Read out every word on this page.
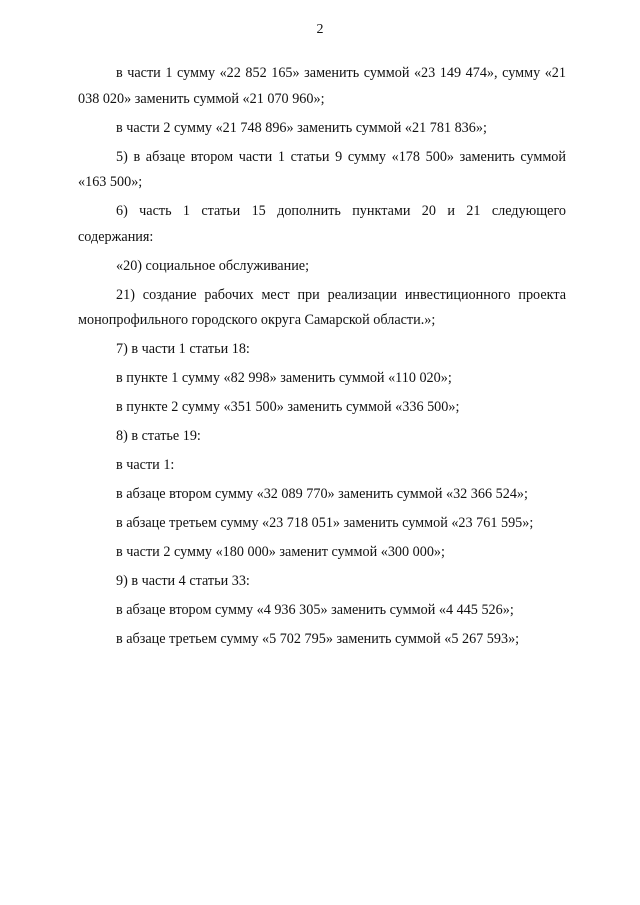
2

в части 1 сумму «22 852 165» заменить суммой «23 149 474», сумму «21 038 020» заменить суммой «21 070 960»;

в части 2 сумму «21 748 896» заменить суммой «21 781 836»;

5) в абзаце втором части 1 статьи 9 сумму «178 500» заменить суммой «163 500»;

6) часть 1 статьи 15 дополнить пунктами 20 и 21 следующего содержания:

«20) социальное обслуживание;

21) создание рабочих мест при реализации инвестиционного проекта монопрофильного городского округа Самарской области.»;

7) в части 1 статьи 18:

в пункте 1 сумму «82 998» заменить суммой «110 020»;

в пункте 2 сумму «351 500» заменить суммой «336 500»;

8) в статье 19:

в части 1:

в абзаце втором сумму «32 089 770» заменить суммой «32 366 524»;

в абзаце третьем сумму «23 718 051» заменить суммой «23 761 595»;

в части 2 сумму «180 000» заменит суммой «300 000»;

9) в части 4 статьи 33:

в абзаце втором сумму «4 936 305» заменить суммой «4 445 526»;

в абзаце третьем сумму «5 702 795» заменить суммой «5 267 593»;
